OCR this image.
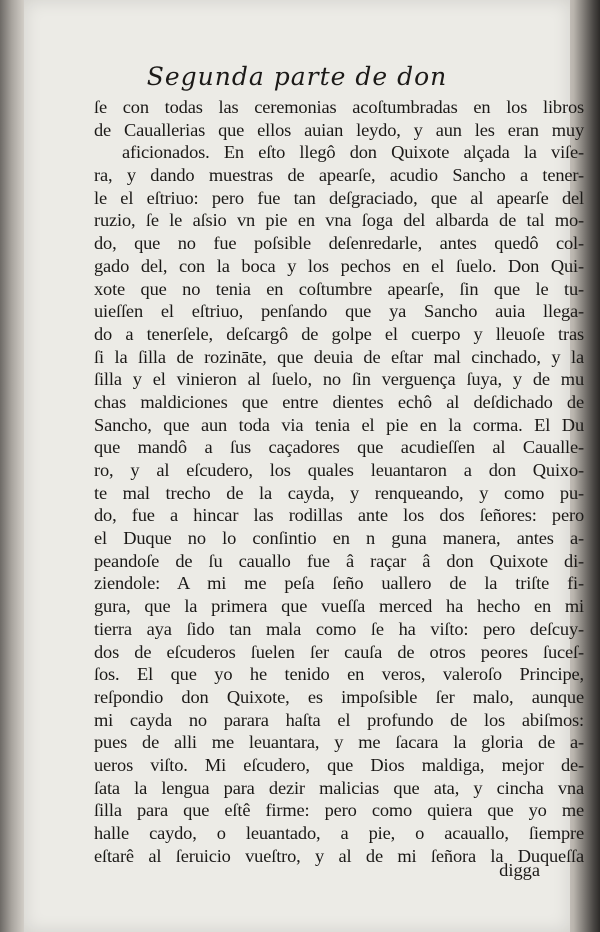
Segunda parte de don
ſe con todas las ceremonias acoſtumbradas en los libros
de Cauallerias que ellos auian leydo, y aun les eran muy
aficionados. En eſto llegô don Quixote alçada la viſe-
ra, y dando muestras de apearſe, acudio Sancho a tener-
le el eſtriuo: pero fue tan deſgraciado, que al apearſe del
ruzio, ſe le aſsio vn pie en vna ſoga del albarda de tal mo-
do, que no fue poſsible deſenredarle, antes quedô col-
gado del, con la boca y los pechos en el ſuelo. Don Qui-
xote que no tenia en coſtumbre apearſe, ſin que le tu-
uieſſen el eſtriuo, penſando que ya Sancho auia llega-
do a tenerſele, deſcargô de golpe el cuerpo y lleuoſe tras
ſi la ſilla de rozināte, que deuia de eſtar mal cinchado, y la
ſilla y el vinieron al ſuelo, no ſin verguença ſuya, y de mu
chas maldiciones que entre dientes echô al deſdichado de
Sancho, que aun toda via tenia el pie en la corma. El Du
que mandô a ſus caçadores que acudieſſen al Caualle-
ro, y al eſcudero, los quales leuantaron a don Quixo-
te mal trecho de la cayda, y renqueando, y como pu-
do, fue a hincar las rodillas ante los dos ſeñores: pero
el Duque no lo conſintio en n guna manera, antes a-
peandoſe de ſu cauallo fue â raçar â don Quixote di-
ziendole: A mi me peſa ſeño uallero de la triſte fi-
gura, que la primera que vueſſa merced ha hecho en mi
tierra aya ſido tan mala como ſe ha viſto: pero deſcuy-
dos de eſcuderos ſuelen ſer cauſa de otros peores ſuceſ-
ſos. El que yo he tenido en veros, valeroſo Principe,
reſpondio don Quixote, es impoſsible ſer malo, aunque
mi cayda no parara haſta el profundo de los abiſmos:
pues de alli me leuantara, y me ſacara la gloria de a-
ueros viſto. Mi eſcudero, que Dios maldiga, mejor de-
ſata la lengua para dezir malicias que ata, y cincha vna
ſilla para que eſtê firme: pero como quiera que yo me
halle caydo, o leuantado, a pie, o acauallo, ſiempre
eſtarê al ſeruicio vueſtro, y al de mi ſeñora la Duqueſſa
digga
